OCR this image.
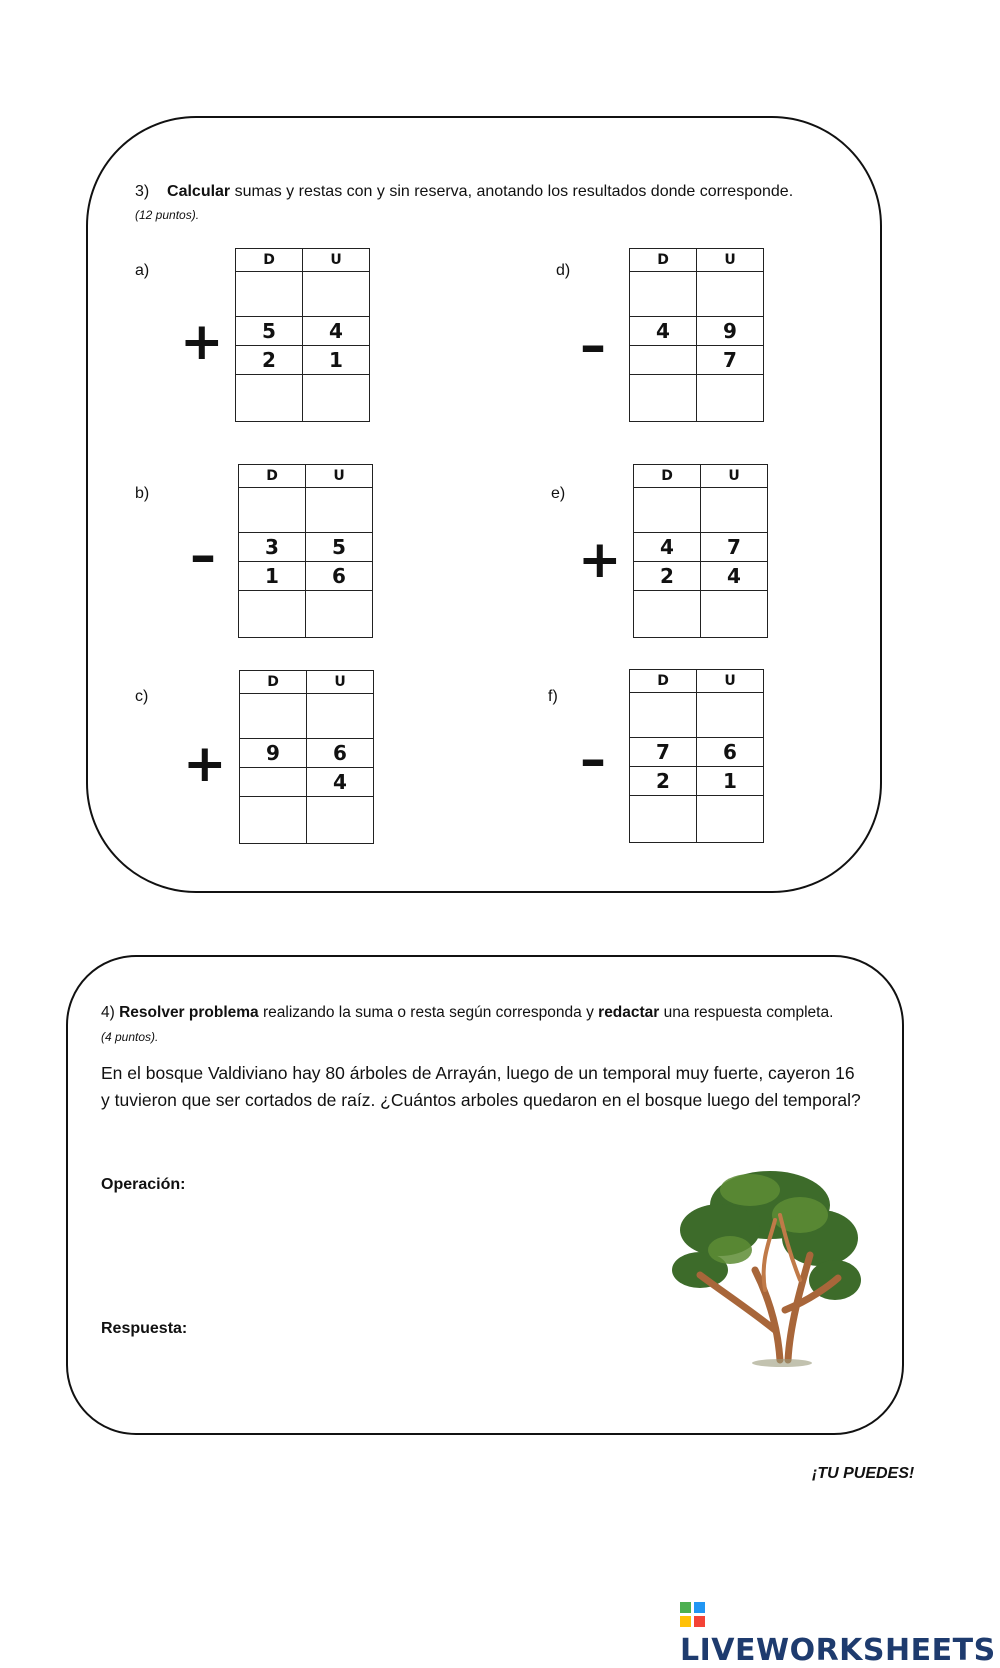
3) Calcular sumas y restas con y sin reserva, anotando los resultados donde corresponde.
(12 puntos).
a)
+
D	U

5	4
2	1

b)
–
D	U

3	5
1	6

c)
+
D	U

9	6
	4

d)
–
D	U

4	9
	7

e)
+
D	U

4	7
2	4

f)
–
D	U

7	6
2	1

4) Resolver problema realizando la suma o resta según corresponda y redactar una respuesta completa.
(4 puntos).
En el bosque Valdiviano hay 80 árboles de Arrayán, luego de un temporal muy fuerte, cayeron 16 y tuvieron que ser cortados de raíz. ¿Cuántos arboles quedaron en el bosque luego del temporal?
Operación:
Respuesta:
¡TU PUEDES!
LIVEWORKSHEETS
